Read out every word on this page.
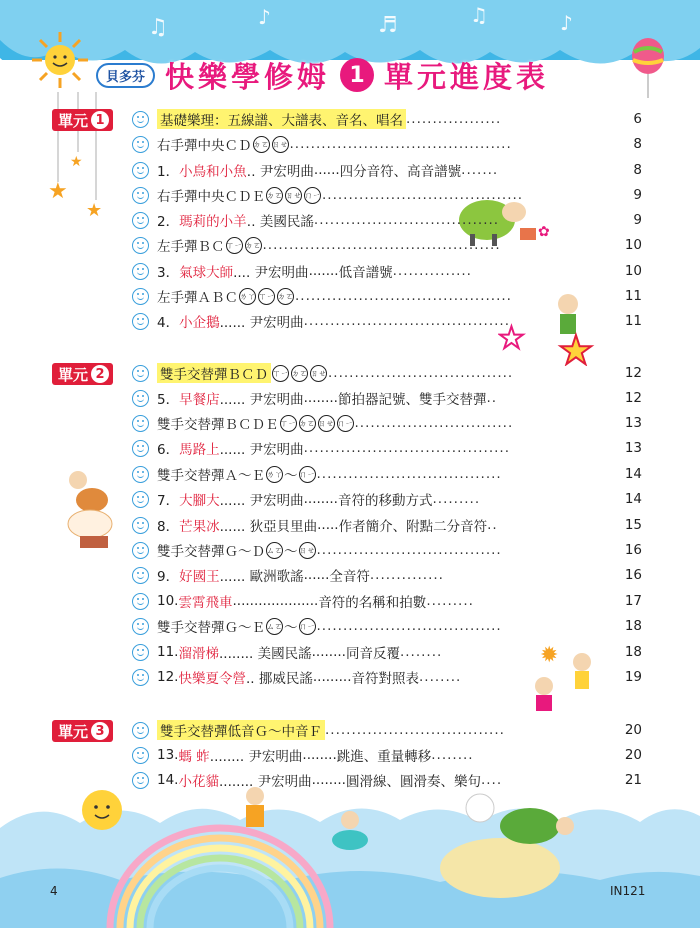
♫	♪	♬	♫	♪
★
★
★
✿
★ ★
✹
貝多芬 快樂學修姆 1 單元進度表
單元 1
單元 2
單元 3
基礎樂理：五線譜、大譜表、音名、唱名 ..................	6
右手彈中央ＣＤ ㄉㄛ ㄖㄝ ..........................................	8
1． 小鳥和小魚 ‥ 尹宏明曲 ...... 四分音符、高音譜號 .......	8
右手彈中央ＣＤＥ ㄉㄛ ㄖㄝ ㄇㄧ ......................................	9
2． 瑪莉的小羊 ‥ 美國民謠 ...................................	9
左手彈ＢＣ ㄒㄧ ㄉㄛ .............................................	10
3． 氣球大師 .... 尹宏明曲 ....... 低音譜號 ...............	10
左手彈ＡＢＣ ㄌㄚ ㄒㄧ ㄉㄛ .........................................	11
4． 小企鵝 ...... 尹宏明曲 .......................................	11
雙手交替彈ＢＣＤ ㄒㄧ ㄉㄛ ㄖㄝ ...................................	12
5． 早餐店 ...... 尹宏明曲 ........ 節拍器記號、雙手交替彈 ..	12
雙手交替彈ＢＣＤＥ ㄒㄧ ㄉㄛ ㄖㄝ ㄇㄧ ..............................	13
6． 馬路上 ...... 尹宏明曲 .......................................	13
雙手交替彈Ａ～Ｅ ㄌㄚ ～ ㄇㄧ ...................................	14
7． 大腳大 ...... 尹宏明曲 ........ 音符的移動方式 .........	14
8． 芒果冰 ...... 狄亞貝里曲 ..... 作者簡介、附點二分音符 ..	15
雙手交替彈Ｇ～Ｄ ㄙㄛ ～ ㄖㄝ ...................................	16
9． 好國王 ...... 歐洲歌謠 ...... 全音符 ..............	16
10. 雲霄飛車 .................... 音符的名稱和拍數 .........	17
雙手交替彈Ｇ～Ｅ ㄙㄛ ～ ㄇㄧ ...................................	18
11. 溜滑梯 ........ 美國民謠 ........ 同音反覆 ........	18
12. 快樂夏令營 .. 挪威民謠 ......... 音符對照表 ........	19
雙手交替彈低音Ｇ～中音Ｆ ..................................	20
13. 螞 蚱 ........ 尹宏明曲 ........ 跳進、重量轉移 ........	20
14. 小花貓 ........ 尹宏明曲 ........ 圓滑線、圓滑奏、樂句 ....	21
4	IN121
